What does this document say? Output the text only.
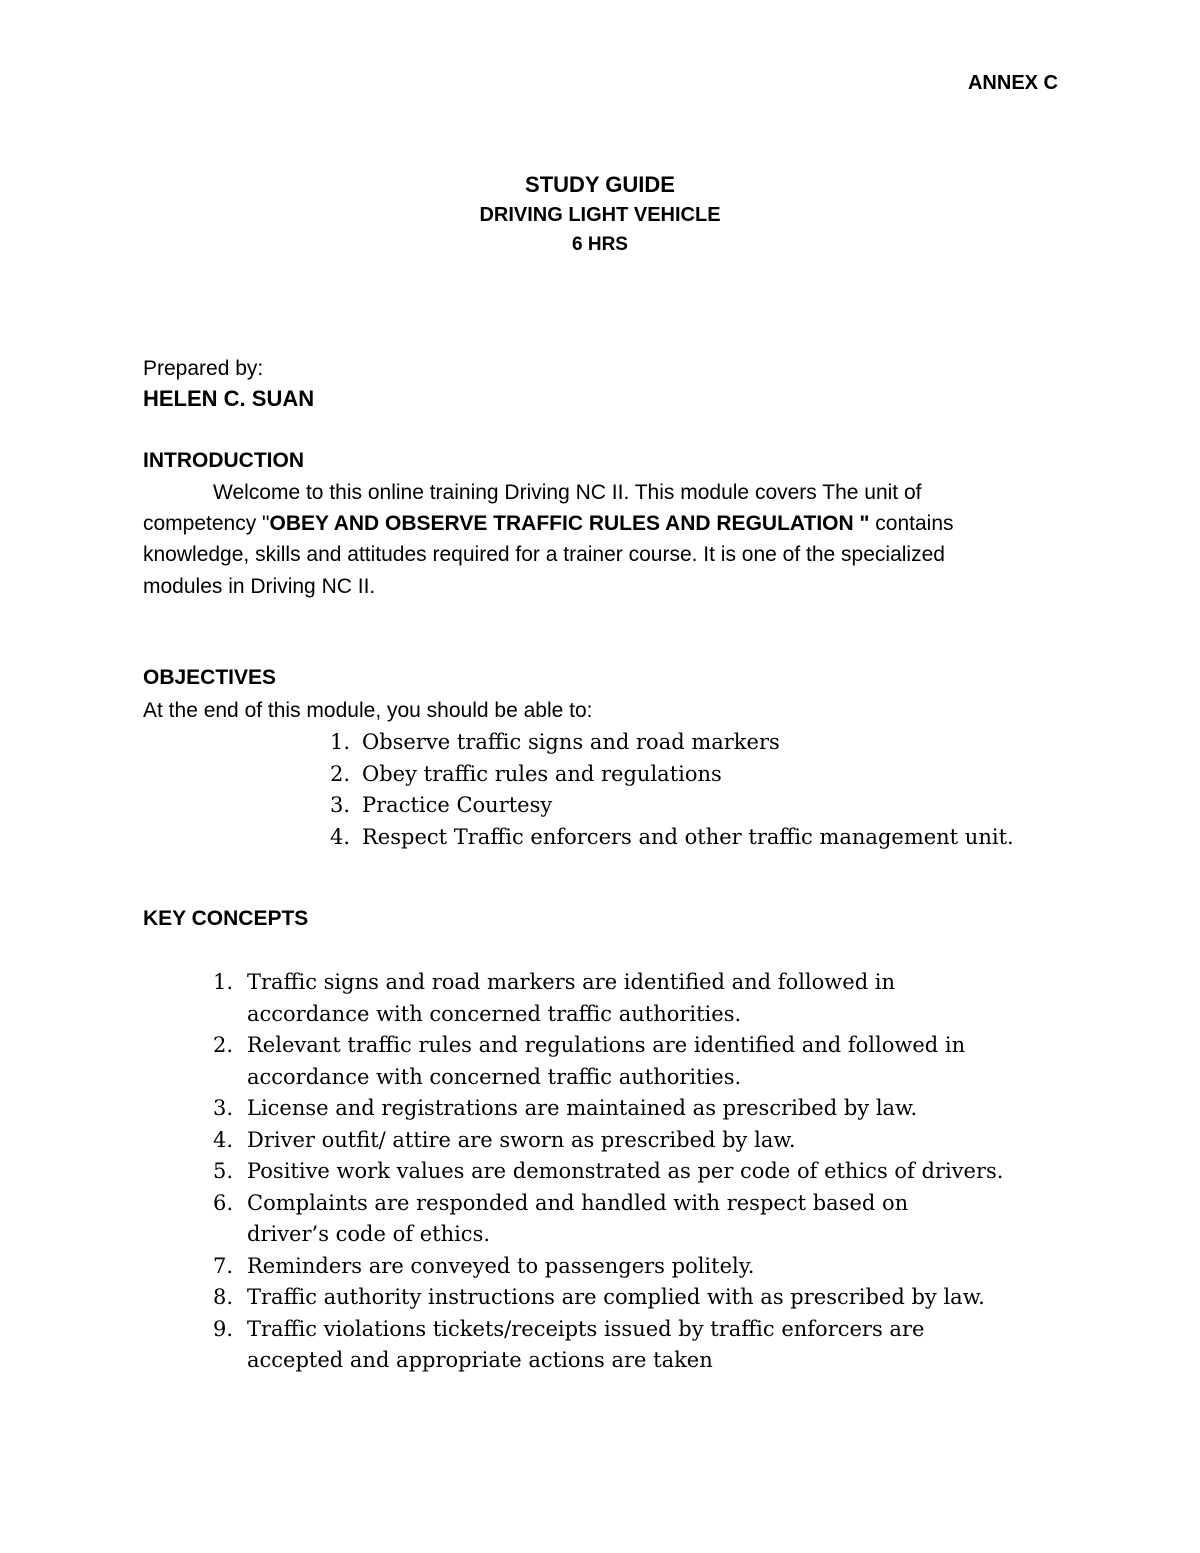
ANNEX C
STUDY GUIDE
DRIVING LIGHT VEHICLE
6 HRS
Prepared by:
HELEN C. SUAN
INTRODUCTION
Welcome to this online training Driving NC II. This module covers The unit of
competency "OBEY AND OBSERVE TRAFFIC RULES AND REGULATION " contains
knowledge, skills and attitudes required for a trainer course. It is one of the specialized
modules in Driving NC II.
OBJECTIVES
At the end of this module, you should be able to:
1. Observe traffic signs and road markers
2. Obey traffic rules and regulations
3. Practice Courtesy
4. Respect Traffic enforcers and other traffic management unit.
KEY CONCEPTS
1. Traffic signs and road markers are identified and followed in
accordance with concerned traffic authorities.
2. Relevant traffic rules and regulations are identified and followed in
accordance with concerned traffic authorities.
3. License and registrations are maintained as prescribed by law.
4. Driver outfit/ attire are sworn as prescribed by law.
5. Positive work values are demonstrated as per code of ethics of drivers.
6. Complaints are responded and handled with respect based on
driver’s code of ethics.
7. Reminders are conveyed to passengers politely.
8. Traffic authority instructions are complied with as prescribed by law.
9. Traffic violations tickets/receipts issued by traffic enforcers are
accepted and appropriate actions are taken
